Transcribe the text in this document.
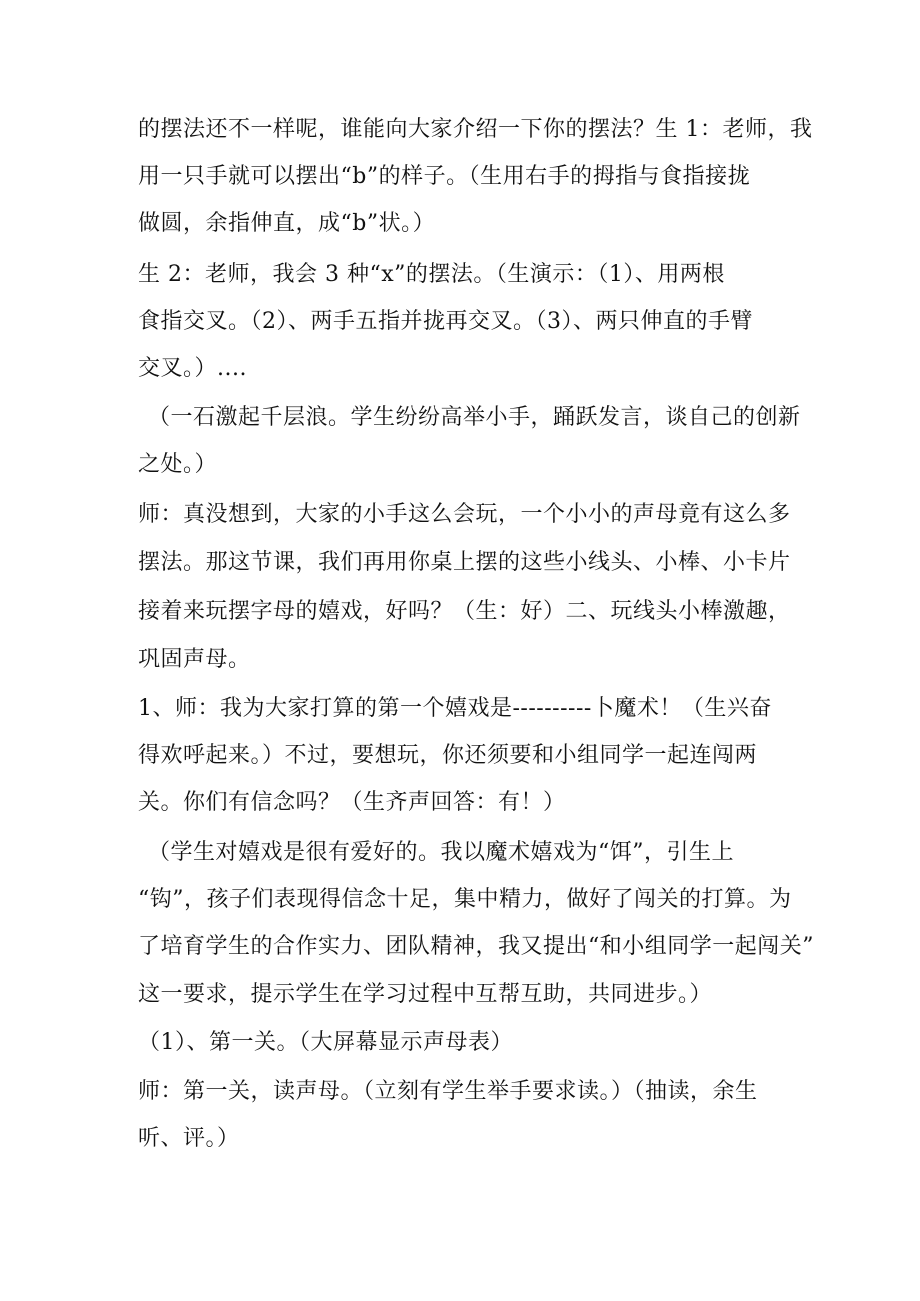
的摆法还不一样呢，谁能向大家介绍一下你的摆法？生 1：老师，我
用一只手就可以摆出“b”的样子。（生用右手的拇指与食指接拢
做圆，余指伸直，成“b”状。）
生 2：老师，我会 3 种“x”的摆法。（生演示：（1）、用两根
食指交叉。（2）、两手五指并拢再交叉。（3）、两只伸直的手臂
交叉。）....
（一石激起千层浪。学生纷纷高举小手，踊跃发言，谈自己的创新
之处。）
师：真没想到，大家的小手这么会玩，一个小小的声母竟有这么多
摆法。那这节课，我们再用你桌上摆的这些小线头、小棒、小卡片
接着来玩摆字母的嬉戏，好吗？（生：好）二、玩线头小棒激趣，
巩固声母。
1、师：我为大家打算的第一个嬉戏是----------卜魔术！（生兴奋
得欢呼起来。）不过，要想玩，你还须要和小组同学一起连闯两
关。你们有信念吗？（生齐声回答：有！）
（学生对嬉戏是很有爱好的。我以魔术嬉戏为“饵”，引生上
“钩”，孩子们表现得信念十足，集中精力，做好了闯关的打算。为
了培育学生的合作实力、团队精神，我又提出“和小组同学一起闯关”
这一要求，提示学生在学习过程中互帮互助，共同进步。）
（1）、第一关。（大屏幕显示声母表）
师：第一关，读声母。（立刻有学生举手要求读。）（抽读，余生
听、评。）
